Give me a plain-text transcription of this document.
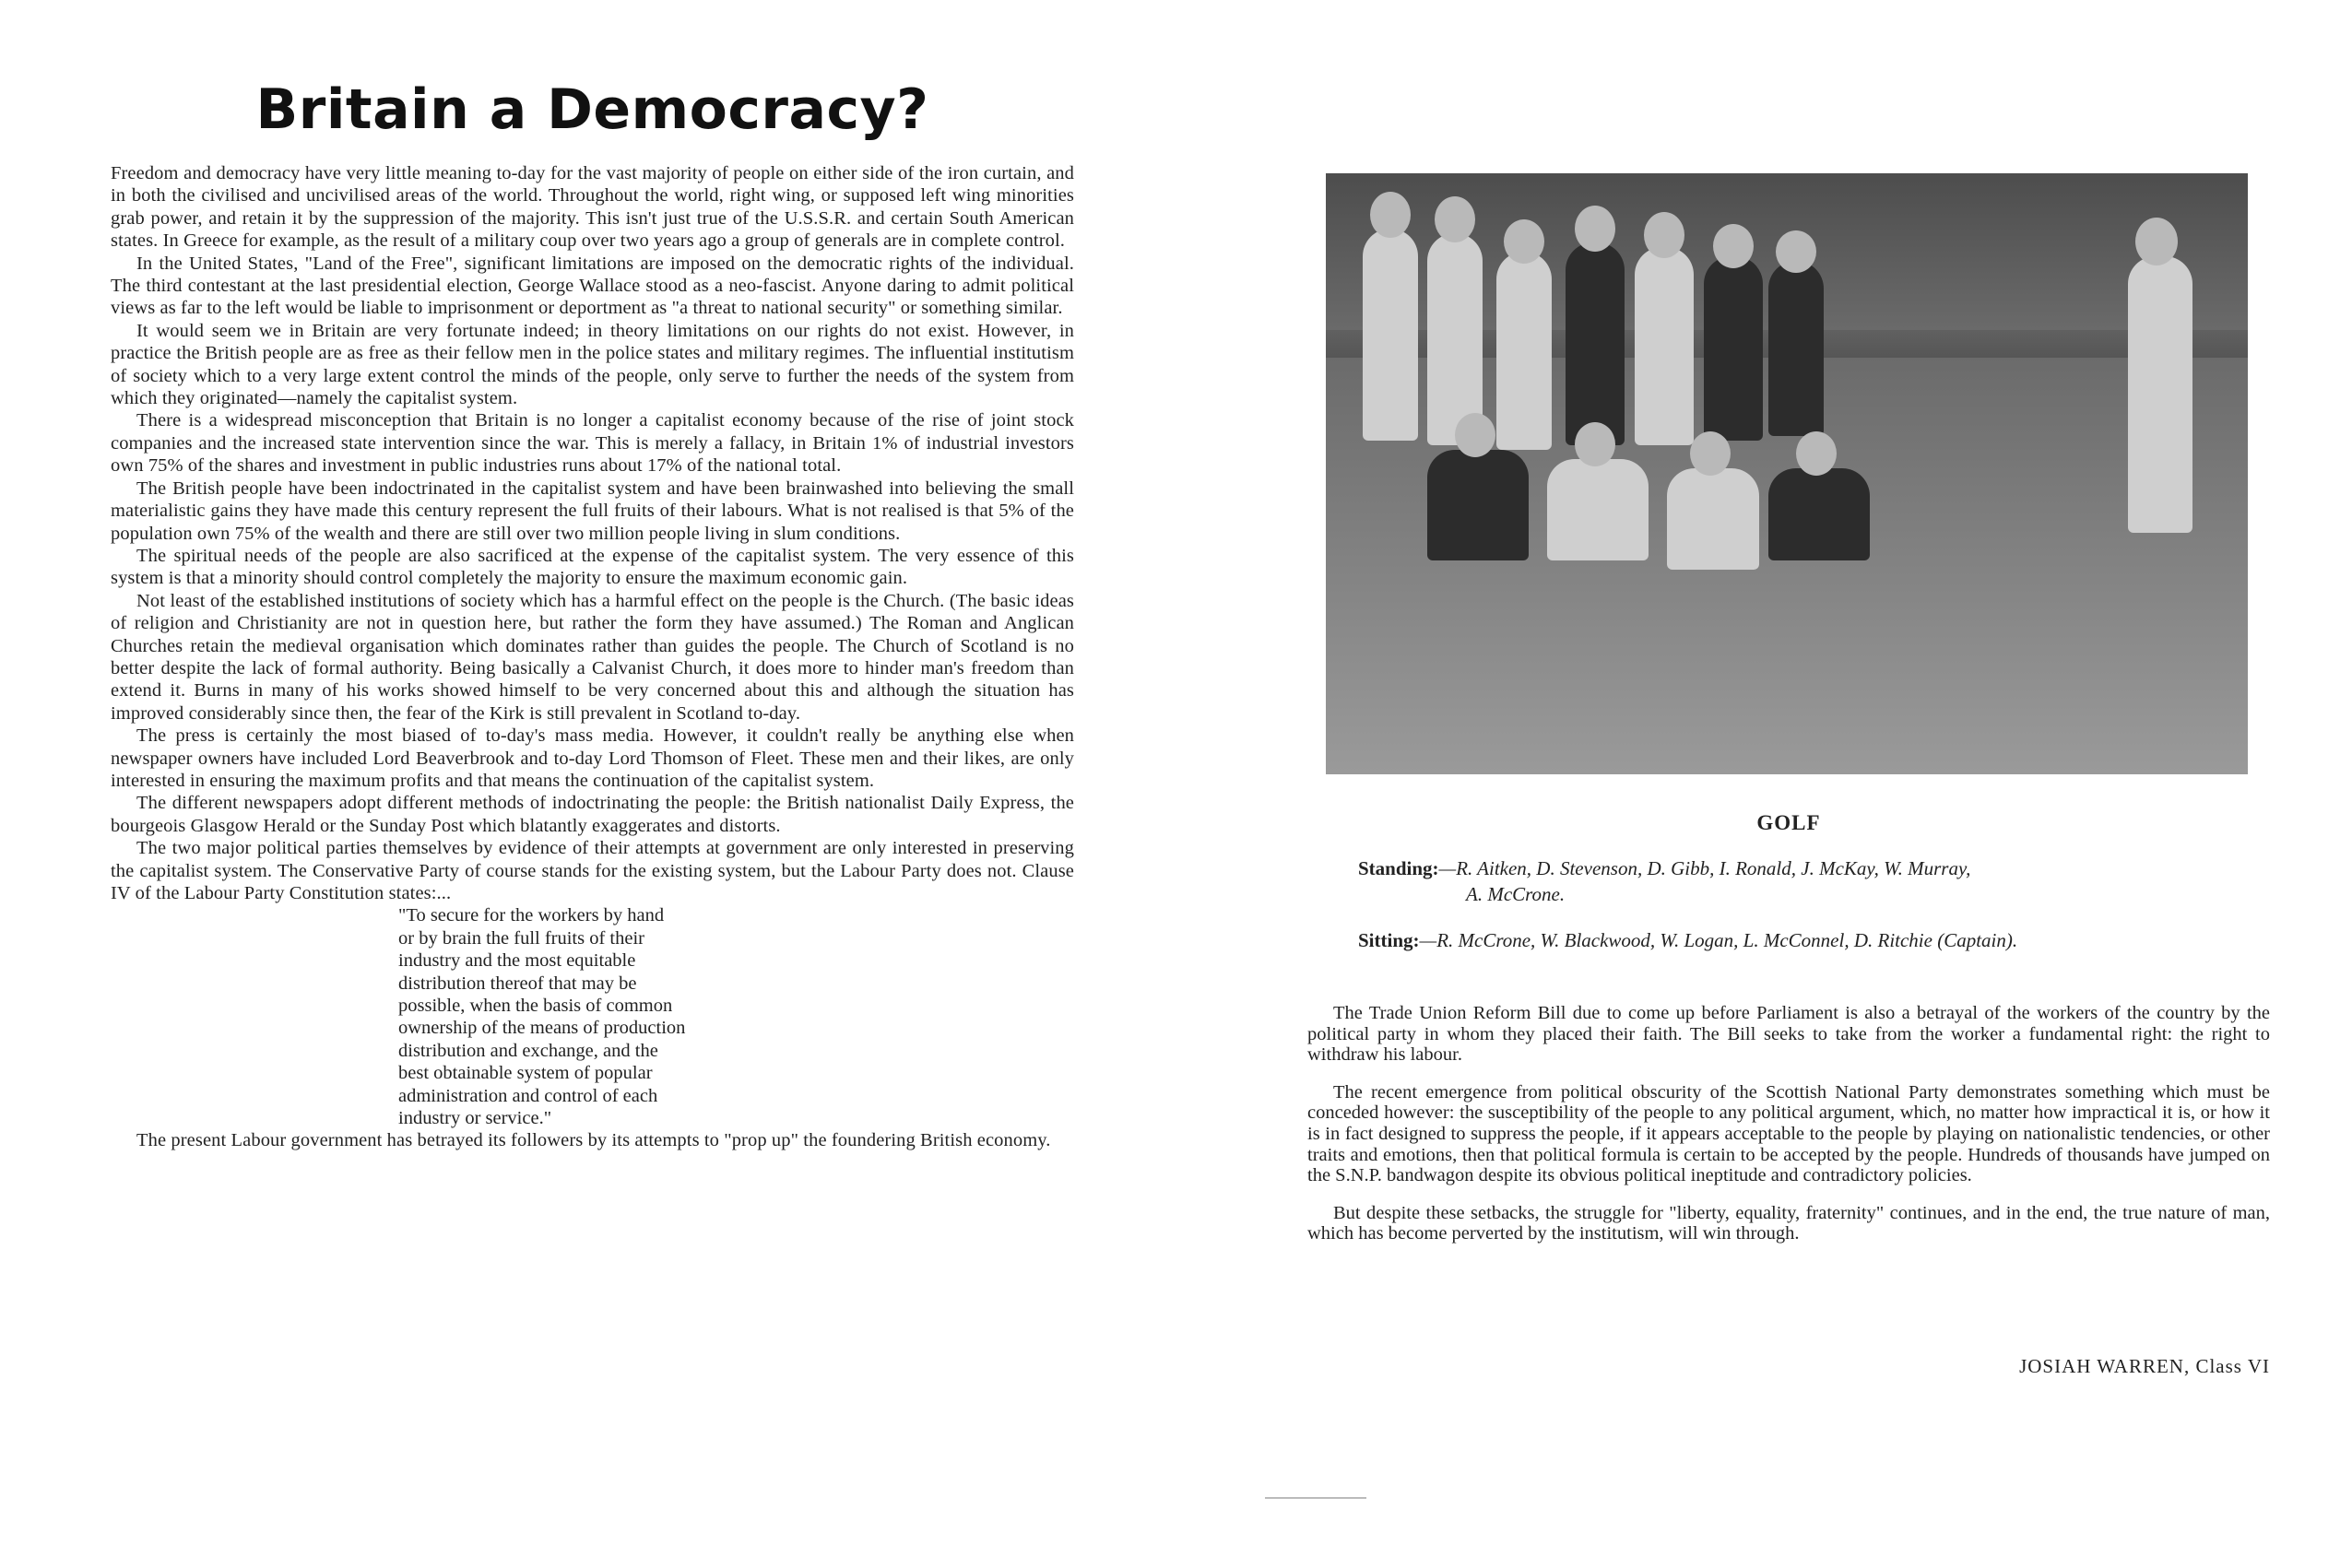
Britain a Democracy?

Freedom and democracy have very little meaning to-day for the vast majority of people on either side of the iron curtain, and in both the civilised and uncivilised areas of the world. Throughout the world, right wing, or supposed left wing minorities grab power, and retain it by the suppression of the majority. This isn't just true of the U.S.S.R. and certain South American states. In Greece for example, as the result of a military coup over two years ago a group of generals are in complete control.

In the United States, "Land of the Free", significant limitations are imposed on the democratic rights of the individual. The third contestant at the last presidential election, George Wallace stood as a neo-fascist. Anyone daring to admit political views as far to the left would be liable to imprisonment or deportment as "a threat to national security" or something similar.

It would seem we in Britain are very fortunate indeed; in theory limitations on our rights do not exist. However, in practice the British people are as free as their fellow men in the police states and military regimes. The influential institutism of society which to a very large extent control the minds of the people, only serve to further the needs of the system from which they originated—namely the capitalist system.

There is a widespread misconception that Britain is no longer a capitalist economy because of the rise of joint stock companies and the increased state intervention since the war. This is merely a fallacy, in Britain 1% of industrial investors own 75% of the shares and investment in public industries runs about 17% of the national total.

The British people have been indoctrinated in the capitalist system and have been brainwashed into believing the small materialistic gains they have made this century represent the full fruits of their labours. What is not realised is that 5% of the population own 75% of the wealth and there are still over two million people living in slum conditions.

The spiritual needs of the people are also sacrificed at the expense of the capitalist system. The very essence of this system is that a minority should control completely the majority to ensure the maximum economic gain.

Not least of the established institutions of society which has a harmful effect on the people is the Church. (The basic ideas of religion and Christianity are not in question here, but rather the form they have assumed.) The Roman and Anglican Churches retain the medieval organisation which dominates rather than guides the people. The Church of Scotland is no better despite the lack of formal authority. Being basically a Calvanist Church, it does more to hinder man's freedom than extend it. Burns in many of his works showed himself to be very concerned about this and although the situation has improved considerably since then, the fear of the Kirk is still prevalent in Scotland to-day.

The press is certainly the most biased of to-day's mass media. However, it couldn't really be anything else when newspaper owners have included Lord Beaverbrook and to-day Lord Thomson of Fleet. These men and their likes, are only interested in ensuring the maximum profits and that means the continuation of the capitalist system.

The different newspapers adopt different methods of indoctrinating the people: the British nationalist Daily Express, the bourgeois Glasgow Herald or the Sunday Post which blatantly exaggerates and distorts.

The two major political parties themselves by evidence of their attempts at government are only interested in preserving the capitalist system. The Conservative Party of course stands for the existing system, but the Labour Party does not. Clause IV of the Labour Party Constitution states:...

"To secure for the workers by hand
or by brain the full fruits of their
industry and the most equitable
distribution thereof that may be
possible, when the basis of common
ownership of the means of production
distribution and exchange, and the
best obtainable system of popular
administration and control of each
industry or service."

The present Labour government has betrayed its followers by its attempts to "prop up" the foundering British economy.

GOLF
Standing:—R. Aitken, D. Stevenson, D. Gibb, I. Ronald, J. McKay, W. Murray,
A. McCrone.
Sitting:—R. McCrone, W. Blackwood, W. Logan, L. McConnel, D. Ritchie (Captain).

The Trade Union Reform Bill due to come up before Parliament is also a betrayal of the workers of the country by the political party in whom they placed their faith. The Bill seeks to take from the worker a fundamental right: the right to withdraw his labour.

The recent emergence from political obscurity of the Scottish National Party demonstrates something which must be conceded however: the susceptibility of the people to any political argument, which, no matter how impractical it is, or how it is in fact designed to suppress the people, if it appears acceptable to the people by playing on nationalistic tendencies, or other traits and emotions, then that political formula is certain to be accepted by the people. Hundreds of thousands have jumped on the S.N.P. bandwagon despite its obvious political ineptitude and contradictory policies.

But despite these setbacks, the struggle for "liberty, equality, fraternity" continues, and in the end, the true nature of man, which has become perverted by the institutism, will win through.

JOSIAH WARREN, Class VI
